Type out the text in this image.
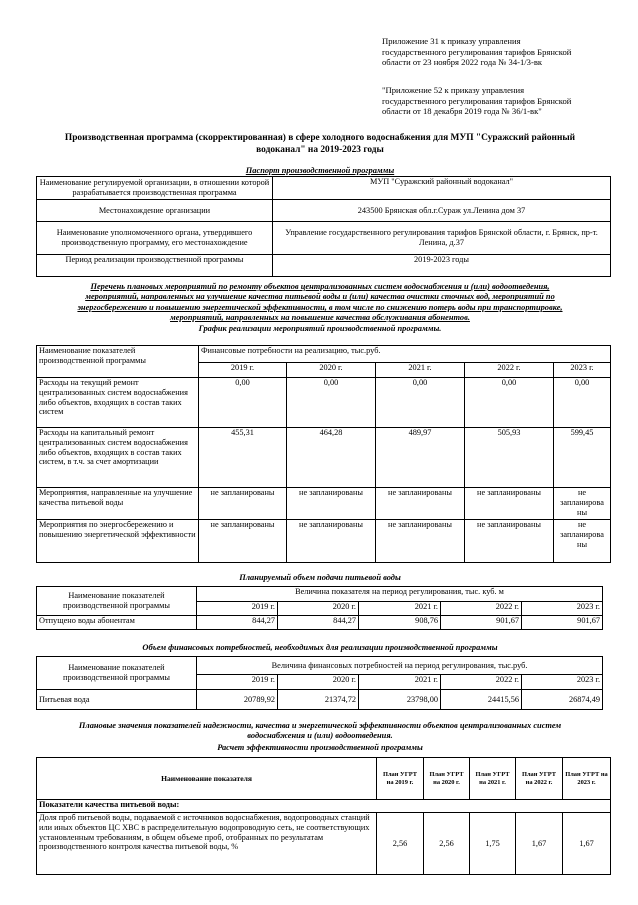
Приложение 31 к приказу управления
государственного регулирования тарифов Брянской
области от 23 ноября 2022 года № 34-1/3-вк
"Приложение 52 к приказу управления
государственного регулирования тарифов Брянской
области от 18 декабря 2019 года № 36/1-вк"
Производственная программа (скорректированная) в сфере холодного водоснабжения для МУП "Суражский районный
водоканал" на 2019-2023 годы
Паспорт производственной программы
Наименование регулируемой организации, в отношении которой разрабатывается производственная программа	МУП "Суражский районный водоканал"
Местонахождение организации	243500 Брянская обл.г.Сураж ул.Ленина дом 37
Наименование уполномоченного органа, утвердившего производственную программу, его местонахождение	Управление государственного регулирования тарифов Брянской области, г. Брянск, пр-т. Ленина, д.37
Период реализации производственной программы	2019-2023 годы
Перечень плановых мероприятий по ремонту объектов централизованных систем водоснабжения и (или) водоотведения,
мероприятий, направленных на улучшение качества питьевой воды и (или) качества очистки сточных вод, мероприятий по
энергосбережению и повышению энергетической эффективности, в том числе по снижению потерь воды при транспортировке,
мероприятий, направленных на повышение качества обслуживания абонентов.
График реализации мероприятий производственной программы.
Наименование показателей производственной программы	Финансовые потребности на реализацию, тыс.руб.				
	2019 г.	2020 г.	2021 г.	2022 г.	2023 г.
Расходы на текущий ремонт централизованных систем водоснабжения либо объектов, входящих в состав таких систем	0,00	0,00	0,00	0,00	0,00
Расходы на капитальный ремонт централизованных систем водоснабжения либо объектов, входящих в состав таких систем, в т.ч. за счет амортизации	455,31	464,28	489,97	505,93	599,45
Мероприятия, направленные на улучшение качества питьевой воды	не запланированы	не запланированы	не запланированы	не запланированы	не запланирова ны
Мероприятия по энергосбережению и повышению энергетической эффективности	не запланированы	не запланированы	не запланированы	не запланированы	не запланирова ны
Планируемый объем подачи питьевой воды
Наименование показателей производственной программы	Величина показателя на период регулирования, тыс. куб. м				
	2019 г.	2020 г.	2021 г.	2022 г.	2023 г.
Отпущено воды абонентам	844,27	844,27	908,76	901,67	901,67
Объем финансовых потребностей, необходимых для реализации производственной программы
Наименование показателей производственной программы	Величина финансовых потребностей на период регулирования, тыс.руб.				
	2019 г.	2020 г.	2021 г.	2022 г.	2023 г.
Питьевая вода	20789,92	21374,72	23798,00	24415,56	26874,49
Плановые значения показателей надежности, качества и энергетической эффективности объектов централизованных систем
водоснабжения и (или) водоотведения.
Расчет эффективности производственной программы
Наименование показателя	План УГРТ на 2019 г.	План УГРТ на 2020 г.	План УГРТ на 2021 г.	План УГРТ на 2022 г.	План УГРТ на 2023 г.
Показатели качества питьевой воды:					
Доля проб питьевой воды, подаваемой с источников водоснабжения, водопроводных станций или иных объектов ЦС ХВС в распределительную водопроводную сеть, не соответствующих установленным требованиям, в общем объеме проб, отобранных по результатам производственного контроля качества питьевой воды, %	2,56	2,56	1,75	1,67	1,67
